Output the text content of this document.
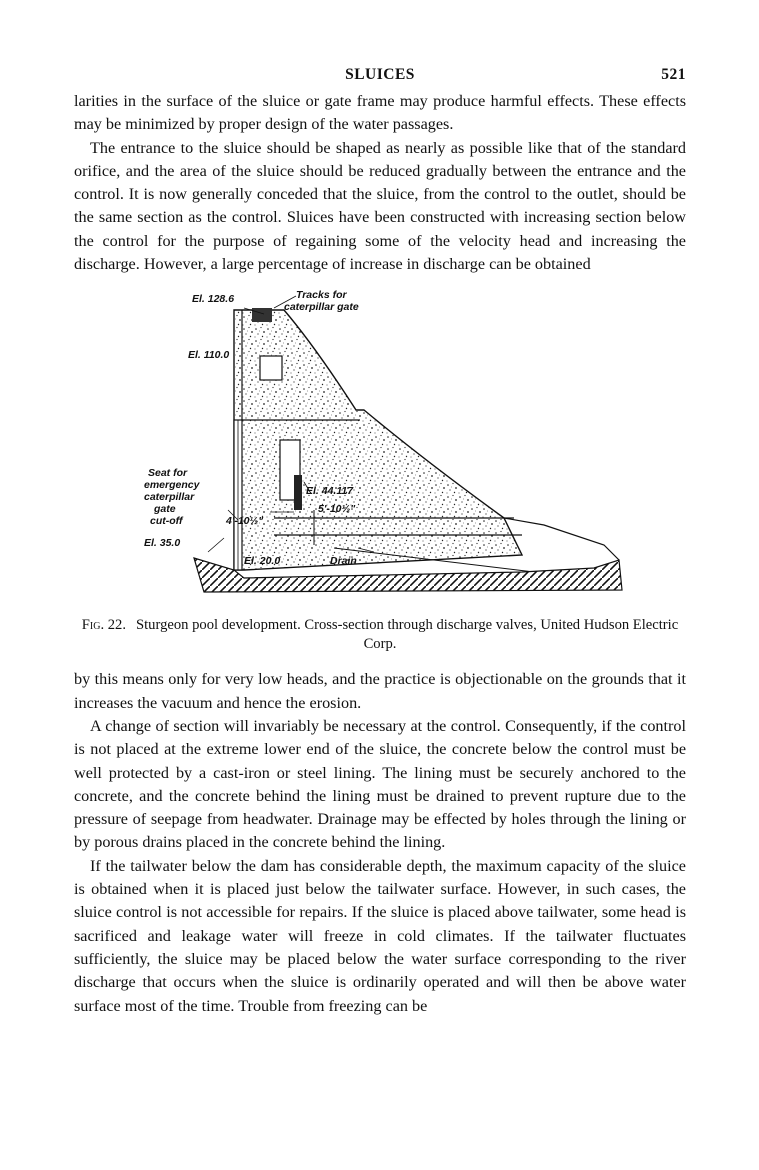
SLUICES	521

larities in the surface of the sluice or gate frame may produce harmful effects. These effects may be minimized by proper design of the water passages.

The entrance to the sluice should be shaped as nearly as possible like that of the standard orifice, and the area of the sluice should be reduced gradually between the entrance and the control. It is now generally conceded that the sluice, from the control to the outlet, should be the same section as the control. Sluices have been constructed with increasing section below the control for the purpose of regaining some of the velocity head and increasing the discharge. However, a large percentage of increase in discharge can be obtained

El. 128.6	Tracks for
caterpillar gate
El. 110.0
Seat for
emergency
caterpillar
gate
cut-off
El. 35.0
El. 44.117
5'-10½"
4'-10½"
El. 20.0	Drain
Fig. 22. Sturgeon pool development. Cross-section through discharge valves, United Hudson Electric Corp.

by this means only for very low heads, and the practice is objectionable on the grounds that it increases the vacuum and hence the erosion.

A change of section will invariably be necessary at the control. Consequently, if the control is not placed at the extreme lower end of the sluice, the concrete below the control must be well protected by a cast-iron or steel lining. The lining must be securely anchored to the concrete, and the concrete behind the lining must be drained to prevent rupture due to the pressure of seepage from headwater. Drainage may be effected by holes through the lining or by porous drains placed in the concrete behind the lining.

If the tailwater below the dam has considerable depth, the maximum capacity of the sluice is obtained when it is placed just below the tailwater surface. However, in such cases, the sluice control is not accessible for repairs. If the sluice is placed above tailwater, some head is sacrificed and leakage water will freeze in cold climates. If the tailwater fluctuates sufficiently, the sluice may be placed below the water surface corresponding to the river discharge that occurs when the sluice is ordinarily operated and will then be above water surface most of the time. Trouble from freezing can be
